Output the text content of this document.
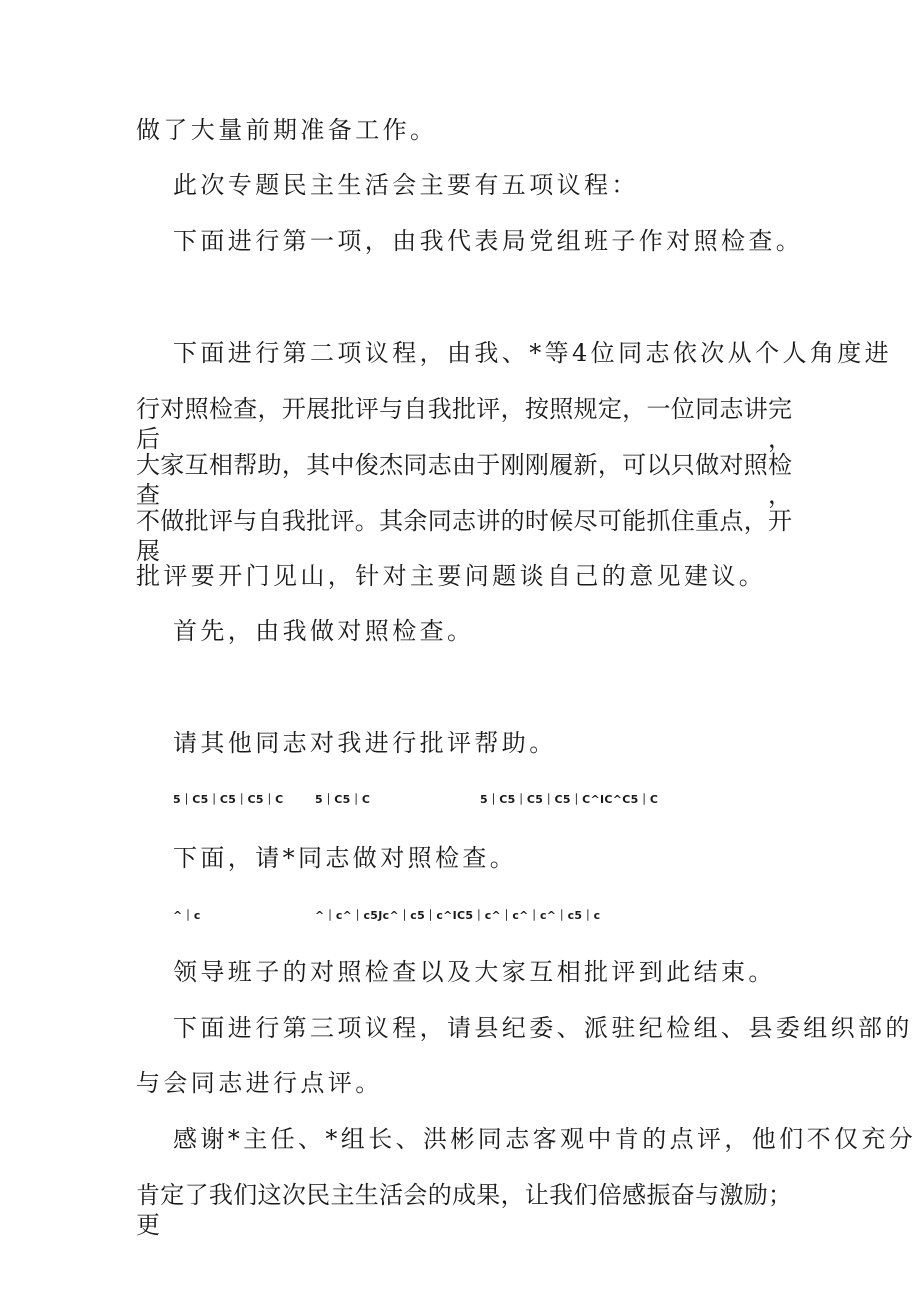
做了大量前期准备工作。
此次专题民主生活会主要有五项议程：
下面进行第一项，由我代表局党组班子作对照检查。
下面进行第二项议程，由我、*等4位同志依次从个人角度进
行对照检查，开展批评与自我批评，按照规定，一位同志讲完后，
大家互相帮助，其中俊杰同志由于刚刚履新，可以只做对照检查，
不做批评与自我批评。其余同志讲的时候尽可能抓住重点，开展
批评要开门见山，针对主要问题谈自己的意见建议。
首先，由我做对照检查。
请其他同志对我进行批评帮助。
5｜C5｜C5｜C5｜C	5｜C5｜C	5｜C5｜C5｜C5｜C^IC^C5｜C
下面，请*同志做对照检查。
^｜c	^｜c^｜c5Jc^｜c5｜c^IC5｜c^｜c^｜c^｜c5｜c
领导班子的对照检查以及大家互相批评到此结束。
下面进行第三项议程，请县纪委、派驻纪检组、县委组织部的
与会同志进行点评。
感谢*主任、*组长、洪彬同志客观中肯的点评，他们不仅充分
肯定了我们这次民主生活会的成果，让我们倍感振奋与激励；更
